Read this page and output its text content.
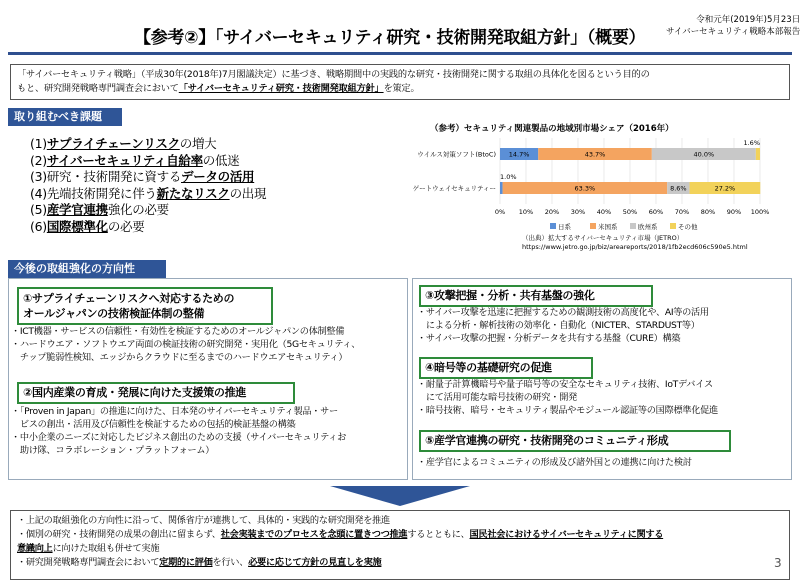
【参考②】「サイバーセキュリティ研究・技術開発取組方針」（概要）
令和元年(2019年)5月23日
サイバーセキュリティ戦略本部報告
「サイバーセキュリティ戦略」（平成30年(2018年)7月閣議決定）に基づき、戦略期間中の実践的な研究・技術開発に関する取組の具体化を図るという目的の
もと、研究開発戦略専門調査会において「サイバーセキュリティ研究・技術開発取組方針」を策定。
取り組むべき課題
(1)サプライチェーンリスクの増大
(2)サイバーセキュリティ自給率の低迷
(3)研究・技術開発に資するデータの活用
(4)先端技術開発に伴う新たなリスクの出現
(5)産学官連携強化の必要
(6)国際標準化の必要
（参考）セキュリティ関連製品の地域別市場シェア（2016年）
0% 10% 20% 30% 40% 50% 60% 70% 80% 90% 100%
ウイルス対策ソフト(BtoC) 14.7%	43.7%	40.0%
1.6%
ゲートウェイセキュリティー
1.0%
63.3%	8.6%	27.2%
日系	米国系	欧州系	その他
（出典）拡大するサイバーセキュリティ市場（JETRO）
https://www.jetro.go.jp/biz/areareports/2018/1fb2ecd606c590e5.html
今後の取組強化の方向性
①サプライチェーンリスクへ対応するための
オールジャパンの技術検証体制の整備
・ICT機器・サービスの信頼性・有効性を検証するためのオールジャパンの体制整備
・ハードウエア・ソフトウエア両面の検証技術の研究開発・実用化（5Gセキュリティ、
　チップ脆弱性検知、エッジからクラウドに至るまでのハードウエアセキュリティ）
②国内産業の育成・発展に向けた支援策の推進
・「Proven in Japan」の推進に向けた、日本発のサイバーセキュリティ製品・サー
　ビスの創出・活用及び信頼性を検証するための包括的検証基盤の構築
・中小企業のニーズに対応したビジネス創出のための支援（サイバーセキュリティお
　助け隊、コラボレーション・プラットフォーム）
③攻撃把握・分析・共有基盤の強化
・サイバー攻撃を迅速に把握するための観測技術の高度化や、AI等の活用
　による分析・解析技術の効率化・自動化（NICTER、STARDUST等）
・サイバー攻撃の把握・分析データを共有する基盤（CURE）構築
④暗号等の基礎研究の促進
・耐量子計算機暗号や量子暗号等の安全なセキュリティ技術、IoTデバイス
　にて活用可能な暗号技術の研究・開発
・暗号技術、暗号・セキュリティ製品やモジュール認証等の国際標準化促進
⑤産学官連携の研究・技術開発のコミュニティ形成
・産学官によるコミュニティの形成及び諸外国との連携に向けた検討
・上記の取組強化の方向性に沿って、関係省庁が連携して、具体的・実践的な研究開発を推進
・個別の研究・技術開発の成果の創出に留まらず、社会実装までのプロセスを念頭に置きつつ推進するとともに、国民社会におけるサイバーセキュリティに関する
意識向上に向けた取組も併せて実施
・研究開発戦略専門調査会において定期的に評価を行い、必要に応じて方針の見直しを実施	3
